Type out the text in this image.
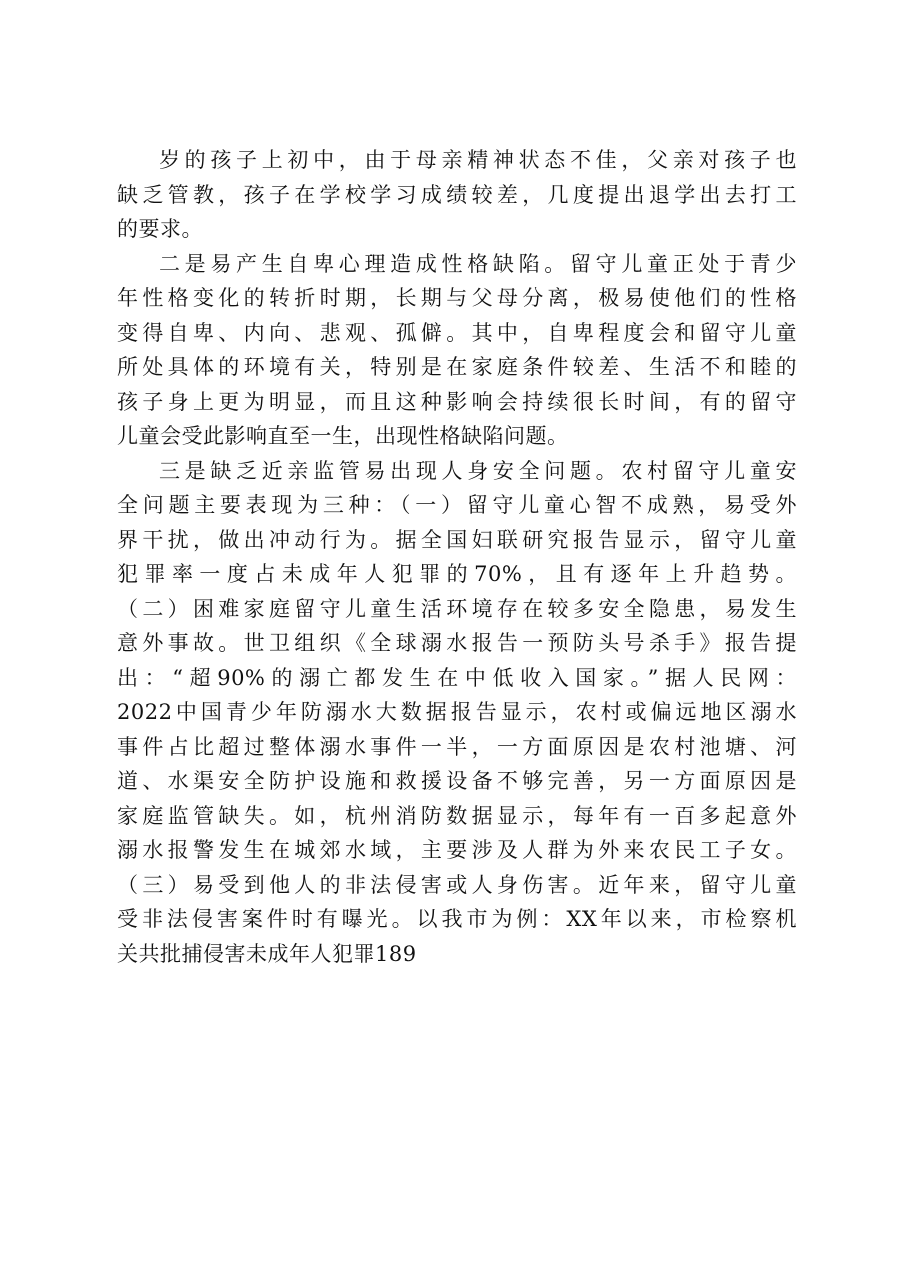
岁的孩子上初中，由于母亲精神状态不佳，父亲对孩子也
缺乏管教，孩子在学校学习成绩较差，几度提出退学出去打工
的要求。

二是易产生自卑心理造成性格缺陷。留守儿童正处于青少
年性格变化的转折时期，长期与父母分离，极易使他们的性格
变得自卑、内向、悲观、孤僻。其中，自卑程度会和留守儿童
所处具体的环境有关，特别是在家庭条件较差、生活不和睦的
孩子身上更为明显，而且这种影响会持续很长时间，有的留守
儿童会受此影响直至一生，出现性格缺陷问题。

三是缺乏近亲监管易出现人身安全问题。农村留守儿童安
全问题主要表现为三种：（一）留守儿童心智不成熟，易受外
界干扰，做出冲动行为。据全国妇联研究报告显示，留守儿童
犯罪率一度占未成年人犯罪的70%，且有逐年上升趋势。
（二）困难家庭留守儿童生活环境存在较多安全隐患，易发生
意外事故。世卫组织《全球溺水报告一预防头号杀手》报告提
出：“超90%的溺亡都发生在中低收入国家。”据人民网：
2022中国青少年防溺水大数据报告显示，农村或偏远地区溺水
事件占比超过整体溺水事件一半，一方面原因是农村池塘、河
道、水渠安全防护设施和救援设备不够完善，另一方面原因是
家庭监管缺失。如，杭州消防数据显示，每年有一百多起意外
溺水报警发生在城郊水域，主要涉及人群为外来农民工子女。
（三）易受到他人的非法侵害或人身伤害。近年来，留守儿童
受非法侵害案件时有曝光。以我市为例：XX年以来，市检察机
关共批捕侵害未成年人犯罪189
